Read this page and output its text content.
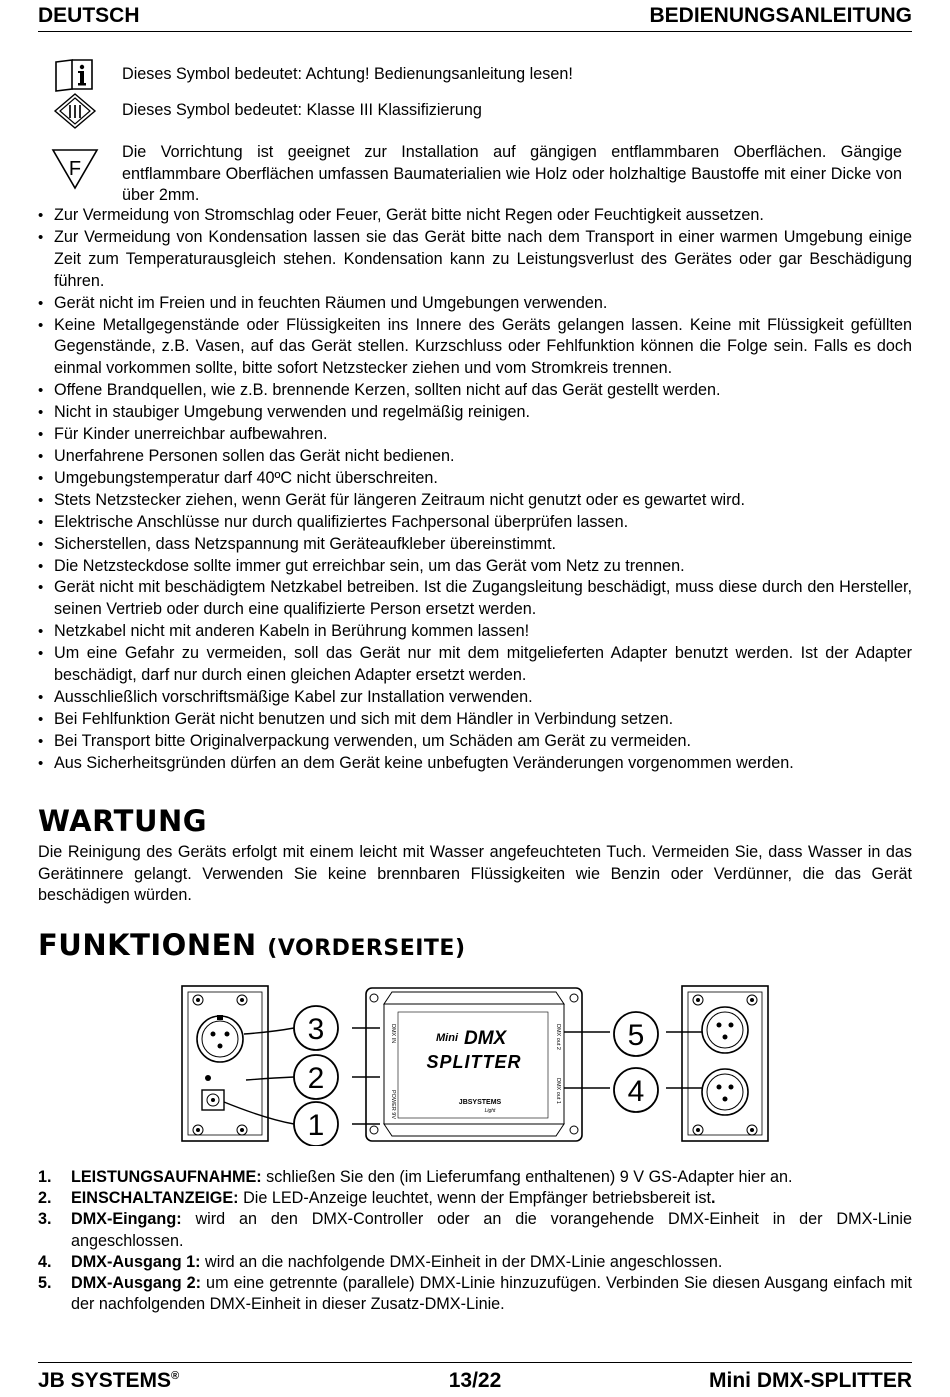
DEUTSCH	BEDIENUNGSANLEITUNG
Dieses Symbol bedeutet: Achtung! Bedienungsanleitung lesen!
III Dieses Symbol bedeutet: Klasse III Klassifizierung
F
Die Vorrichtung ist geeignet zur Installation auf gängigen entflammbaren Oberflächen. Gängige entflammbare Oberflächen umfassen Baumaterialien wie Holz oder holzhaltige Baustoffe mit einer Dicke von über 2mm.
• Zur Vermeidung von Stromschlag oder Feuer, Gerät bitte nicht Regen oder Feuchtigkeit aussetzen.
• Zur Vermeidung von Kondensation lassen sie das Gerät bitte nach dem Transport in einer warmen Umgebung einige Zeit zum Temperaturausgleich stehen. Kondensation kann zu Leistungsverlust des Gerätes oder gar Beschädigung führen.
• Gerät nicht im Freien und in feuchten Räumen und Umgebungen verwenden.
• Keine Metallgegenstände oder Flüssigkeiten ins Innere des Geräts gelangen lassen. Keine mit Flüssigkeit gefüllten Gegenstände, z.B. Vasen, auf das Gerät stellen. Kurzschluss oder Fehlfunktion können die Folge sein. Falls es doch einmal vorkommen sollte, bitte sofort Netzstecker ziehen und vom Stromkreis trennen.
• Offene Brandquellen, wie z.B. brennende Kerzen, sollten nicht auf das Gerät gestellt werden.
• Nicht in staubiger Umgebung verwenden und regelmäßig reinigen.
• Für Kinder unerreichbar aufbewahren.
• Unerfahrene Personen sollen das Gerät nicht bedienen.
• Umgebungstemperatur darf 40ºC nicht überschreiten.
• Stets Netzstecker ziehen, wenn Gerät für längeren Zeitraum nicht genutzt oder es gewartet wird.
• Elektrische Anschlüsse nur durch qualifiziertes Fachpersonal überprüfen lassen.
• Sicherstellen, dass Netzspannung mit Geräteaufkleber übereinstimmt.
• Die Netzsteckdose sollte immer gut erreichbar sein, um das Gerät vom Netz zu trennen.
• Gerät nicht mit beschädigtem Netzkabel betreiben. Ist die Zugangsleitung beschädigt, muss diese durch den Hersteller, seinen Vertrieb oder durch eine qualifizierte Person ersetzt werden.
• Netzkabel nicht mit anderen Kabeln in Berührung kommen lassen!
• Um eine Gefahr zu vermeiden, soll das Gerät nur mit dem mitgelieferten Adapter benutzt werden. Ist der Adapter beschädigt, darf nur durch einen gleichen Adapter ersetzt werden.
• Ausschließlich vorschriftsmäßige Kabel zur Installation verwenden.
• Bei Fehlfunktion Gerät nicht benutzen und sich mit dem Händler in Verbindung setzen.
• Bei Transport bitte Originalverpackung verwenden, um Schäden am Gerät zu vermeiden.
• Aus Sicherheitsgründen dürfen an dem Gerät keine unbefugten Veränderungen vorgenommen werden.
WARTUNG

Die Reinigung des Geräts erfolgt mit einem leicht mit Wasser angefeuchteten Tuch. Vermeiden Sie, dass Wasser in das Gerätinnere gelangt. Verwenden Sie keine brennbaren Flüssigkeiten wie Benzin oder Verdünner, die das Gerät beschädigen würden.

FUNKTIONEN (VORDERSEITE)
Mini DMX
SPLITTER
JBSYSTEMS
Light
DMX IN
POWER 9V
DMX out 2
DMX out 1
3
2
1
5
4
1. LEISTUNGSAUFNAHME: schließen Sie den (im Lieferumfang enthaltenen) 9 V GS-Adapter hier an.
2. EINSCHALTANZEIGE: Die LED-Anzeige leuchtet, wenn der Empfänger betriebsbereit ist.
3. DMX-Eingang: wird an den DMX-Controller oder an die vorangehende DMX-Einheit in der DMX-Linie angeschlossen.
4. DMX-Ausgang 1: wird an die nachfolgende DMX-Einheit in der DMX-Linie angeschlossen.
5. DMX-Ausgang 2: um eine getrennte (parallele) DMX-Linie hinzuzufügen. Verbinden Sie diesen Ausgang einfach mit der nachfolgenden DMX-Einheit in dieser Zusatz-DMX-Linie.
JB SYSTEMS®	13/22	Mini DMX-SPLITTER
